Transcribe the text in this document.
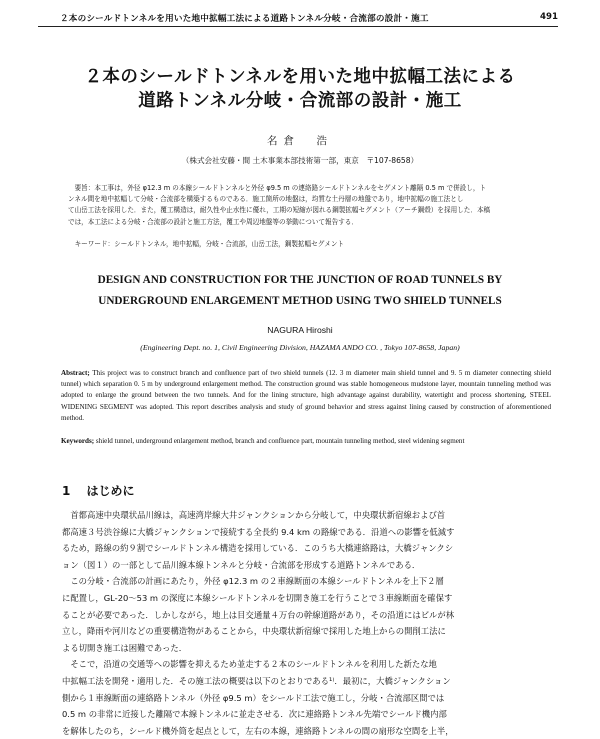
２本のシールドトンネルを用いた地中拡幅工法による道路トンネル分岐・合流部の設計・施工	491
２本のシールドトンネルを用いた地中拡幅工法による
道路トンネル分岐・合流部の設計・施工
名倉　浩
（株式会社安藤・間 土木事業本部技術第一部，東京　〒107-8658）
　要旨：本工事は，外径 φ12.3 m の本線シールドトンネルと外径 φ9.5 m の連絡路シールドトンネルをセグメント離隔 0.5 m で併設し，ト
ンネル間を地中拡幅して分岐・合流部を構築するものである．施工箇所の地盤は，均質な土丹層の地盤であり，地中拡幅の施工法とし
て山岳工法を採用した．また，覆工構造は，耐久性や止水性に優れ，工期の短縮が図れる鋼製拡幅セグメント（アーチ鋼殻）を採用した．本稿
では，本工法による分岐・合流部の設計と施工方法，覆工や周辺地盤等の挙動について報告する．
　キーワード：シールドトンネル，地中拡幅，分岐・合流部，山岳工法，鋼製拡幅セグメント
DESIGN AND CONSTRUCTION FOR THE JUNCTION OF ROAD TUNNELS BY
UNDERGROUND ENLARGEMENT METHOD USING TWO SHIELD TUNNELS
NAGURA Hiroshi
(Engineering Dept. no. 1, Civil Engineering Division, HAZAMA ANDO CO. , Tokyo 107-8658, Japan)
Abstract; This project was to construct branch and confluence part of two shield tunnels (12. 3 m diameter main shield tunnel and 9. 5 m diameter connecting shield tunnel) which separation 0. 5 m by underground enlargement method. The construction ground was stable homogeneous mudstone layer, mountain tunneling method was adopted to enlarge the ground between the two tunnels. And for the lining structure, high advantage against durability, watertight and process shortening, STEEL WIDENING SEGMENT was adopted. This report describes analysis and study of ground behavior and stress against lining caused by construction of aforementioned method.
Keywords; shield tunnel, underground enlargement method, branch and confluence part, mountain tunneling method, steel widening segment
1 はじめに
　首都高速中央環状品川線は，高速湾岸線大井ジャンクションから分岐して，中央環状新宿線および首
都高速３号渋谷線に大橋ジャンクションで接続する全長約 9.4 km の路線である．沿道への影響を低減す
るため，路線の約９割でシールドトンネル構造を採用している．このうち大橋連絡路は，大橋ジャンクシ
ョン（図１）の一部として品川線本線トンネルと分岐・合流部を形成する道路トンネルである．
　この分岐・合流部の計画にあたり，外径 φ12.3 m の２車線断面の本線シールドトンネルを上下２層
に配置し，GL-20～53 m の深度に本線シールドトンネルを切開き施工を行うことで３車線断面を確保す
ることが必要であった．しかしながら，地上は目交通量４万台の幹線道路があり，その沿道にはビルが林
立し，降雨や河川などの重要構造物があることから，中央環状新宿線で採用した地上からの開削工法に
よる切開き施工は困難であった．
　そこで，沿道の交通等への影響を抑えるため並走する２本のシールドトンネルを利用した新たな地
中拡幅工法を開発・適用した．その施工法の概要は以下のとおりである¹⁾．最初に，大橋ジャンクション
側から１車線断面の連絡路トンネル（外径 φ9.5 m）をシールド工法で施工し，分岐・合流部区間では
0.5 m の非常に近接した離隔で本線トンネルに並走させる．次に連絡路トンネル先端でシールド機内部
を解体したのち，シールド機外筒を起点として，左右の本線，連絡路トンネルの間の扇形な空間を上半，
